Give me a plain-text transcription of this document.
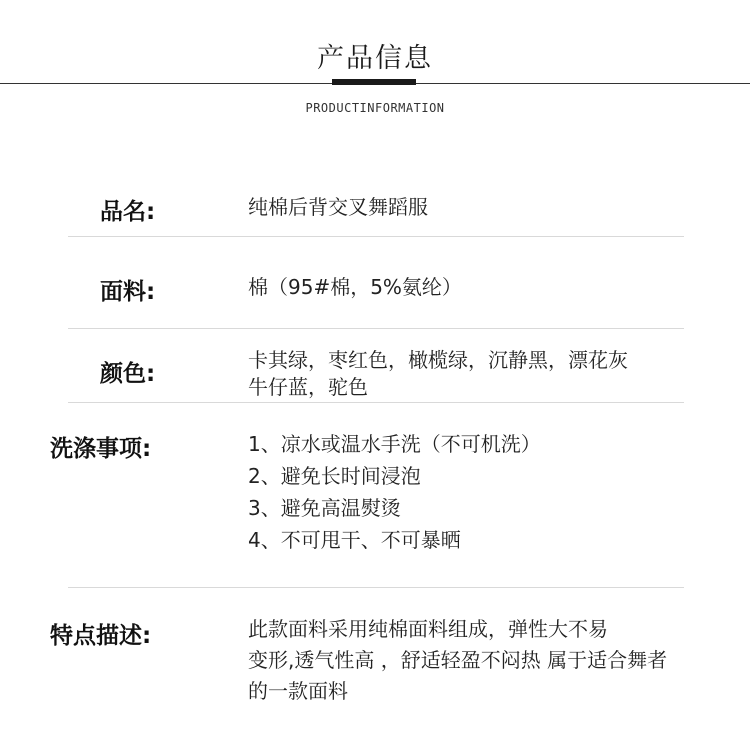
产品信息
PRODUCTINFORMATION
品名:	纯棉后背交叉舞蹈服
面料:	棉（95#棉，5%氨纶）
颜色:
卡其绿，枣红色，橄榄绿，沉静黑，漂花灰
牛仔蓝，驼色
洗涤事项:	1、凉水或温水手洗（不可机洗）
2、避免长时间浸泡
3、避免高温熨烫
4、不可甩干、不可暴晒
特点描述:	此款面料采用纯棉面料组成，弹性大不易
变形,透气性高 ，舒适轻盈不闷热 属于适合舞者
的一款面料
